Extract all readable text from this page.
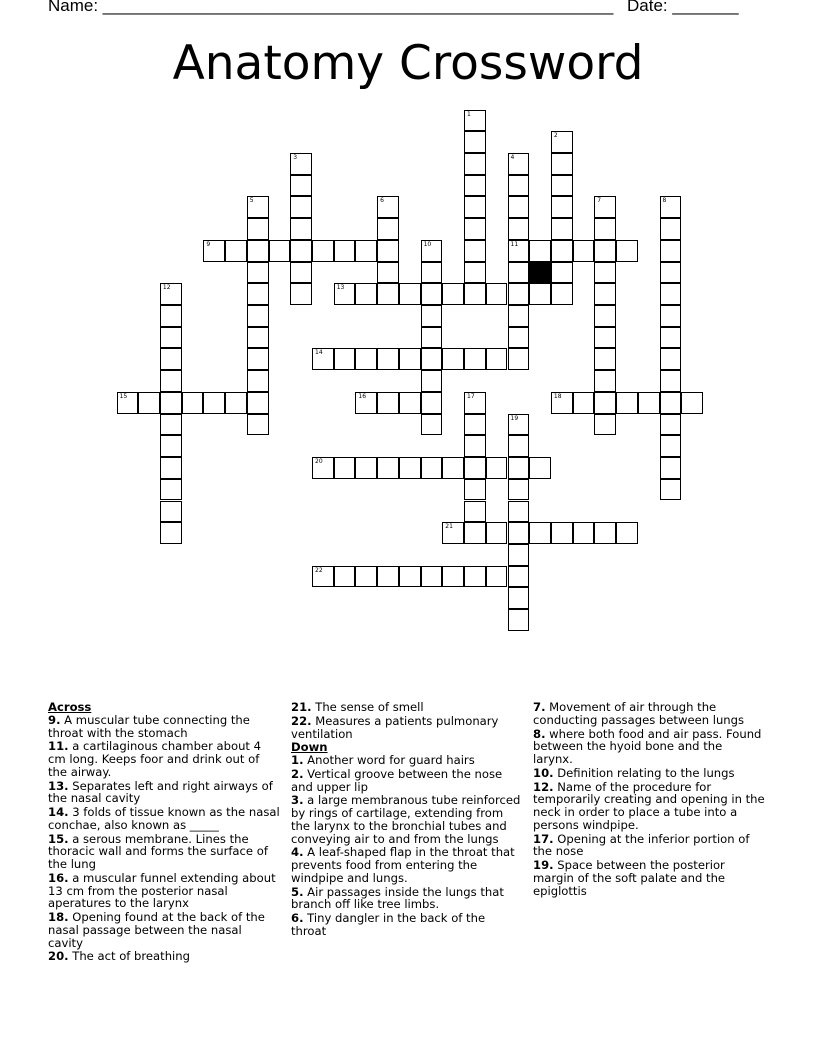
Name: ______________________________________________________ Date: _______
Anatomy Crossword
1
2
3	4
11
5	6	7	8
9	10
12	13
14
15	16	17	18
19
20
21
22
Across
9. A muscular tube connecting the throat with the stomach
11. a cartilaginous chamber about 4 cm long. Keeps foor and drink out of the airway.
13. Separates left and right airways of the nasal cavity
14. 3 folds of tissue known as the nasal conchae, also known as _____
15. a serous membrane. Lines the thoracic wall and forms the surface of the lung
16. a muscular funnel extending about 13 cm from the posterior nasal aperatures to the larynx
18. Opening found at the back of the nasal passage between the nasal cavity
20. The act of breathing
21. The sense of smell
22. Measures a patients pulmonary ventilation
Down
1. Another word for guard hairs
2. Vertical groove between the nose and upper lip
3. a large membranous tube reinforced by rings of cartilage, extending from the larynx to the bronchial tubes and conveying air to and from the lungs
4. A leaf-shaped flap in the throat that prevents food from entering the windpipe and lungs.
5. Air passages inside the lungs that branch off like tree limbs.
6. Tiny dangler in the back of the throat
7. Movement of air through the conducting passages between lungs
8. where both food and air pass. Found between the hyoid bone and the larynx.
10. Definition relating to the lungs
12. Name of the procedure for temporarily creating and opening in the neck in order to place a tube into a persons windpipe.
17. Opening at the inferior portion of the nose
19. Space between the posterior margin of the soft palate and the epiglottis
